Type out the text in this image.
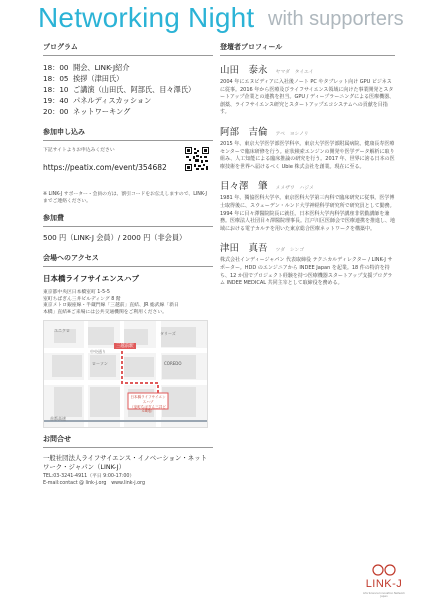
Networking Night with supporters
プログラム
18：00 開会、LINK-J紹介
18：05 挨拶（津田氏）
18：10 ご講演（山田氏、阿部氏、目々澤氏）
19：40 パネルディスカッション
20：00 ネットワーキング
参加申し込み
下記サイトよりお申込みください
https://peatix.com/event/354682
※ LINK-J サポーター・会員の方は、割引コードをお伝えしますので、LINK-J までご連絡ください。
参加費
500 円（LINK-J 会員）/ 2000 円（非会員）
会場へのアクセス
日本橋ライフサイエンスハブ
東京都中央区日本橋室町 1-5-5
室町ちばぎん三井ビルディング 8 階
東京メトロ銀座線・半蔵門線「三越前」直結、JR 総武線「新日
本橋」直結※ご来場には公共交通機関をご利用ください。
ユニクロ
タリーズ
ローソン	COREDO
三越前駅
中央通り
首都高速
日本橋ライフサイエンスハブ
（室町ちばぎん三井ビル8階）
お問合せ
一般社団法人ライフサイエンス・イノベーション・ネットワーク・ジャパン（LINK-J）
TEL:03-3241-4911（平日 9:00-17:00）
E-mail:contact @ link-j.org　www.link-j.org
登壇者プロフィール
山田　泰永 ヤマダ　タイエイ
2004 年にエヌビディアに入社後ノート PC やタブレット向け GPU ビジネスに従事。2016 年から医療及びライフサイエンス領域に向けた事業開発とスタートアップ企業との連携を担当。GPU / ディープラーニングによる医療機器、創薬、ライフサイエンス研究とスタートアップエコシステムへの貢献を目指す。
阿部　吉倫 アベ　ヨシノリ
2015 年、東京大学医学部医学科卒。東京大学医学部附属病院、健康長寿医療センターで臨床研修を行う。症状検索エンジンの開発や医学データ解析に取り組み、人工知能による臨床推論の研究を行う。2017 年、世界に誇る日本の医療技術を世界へ届けるべく Ubie 株式会社を創業。現在に至る。
目々澤　肇 メメザワ　ハジメ
1981 年、獨協医科大学卒。東京医科大学第三内科で臨床研究に従事。医学博士取得後に、スウェーデン・ルンド大学神経科学研究所で研究員として勤務。1994 年に目々澤醫院院長に就任。日本医科大学内科学講座非常勤講師を兼務。医療法人社団目々澤醫院理事長。江戸川区医師会で医療連携を推進し、地域における電子カルテを用いた東京総合医療ネットワークを構築中。
津田　真吾 ツダ　シンゴ
株式会社インディージャパン 代表取締役 テクニカルディレクター / LINK-J サポーター。HDD のエンジニアから INDEE Japan を起業。18 件の特許を持ち、12 か国でプロジェクト経験を持つ医療機器スタートアップ支援プログラム INDEE MEDICAL 共同主宰として取締役を務める。
LINK-J
Life Science Innovation Network Japan
